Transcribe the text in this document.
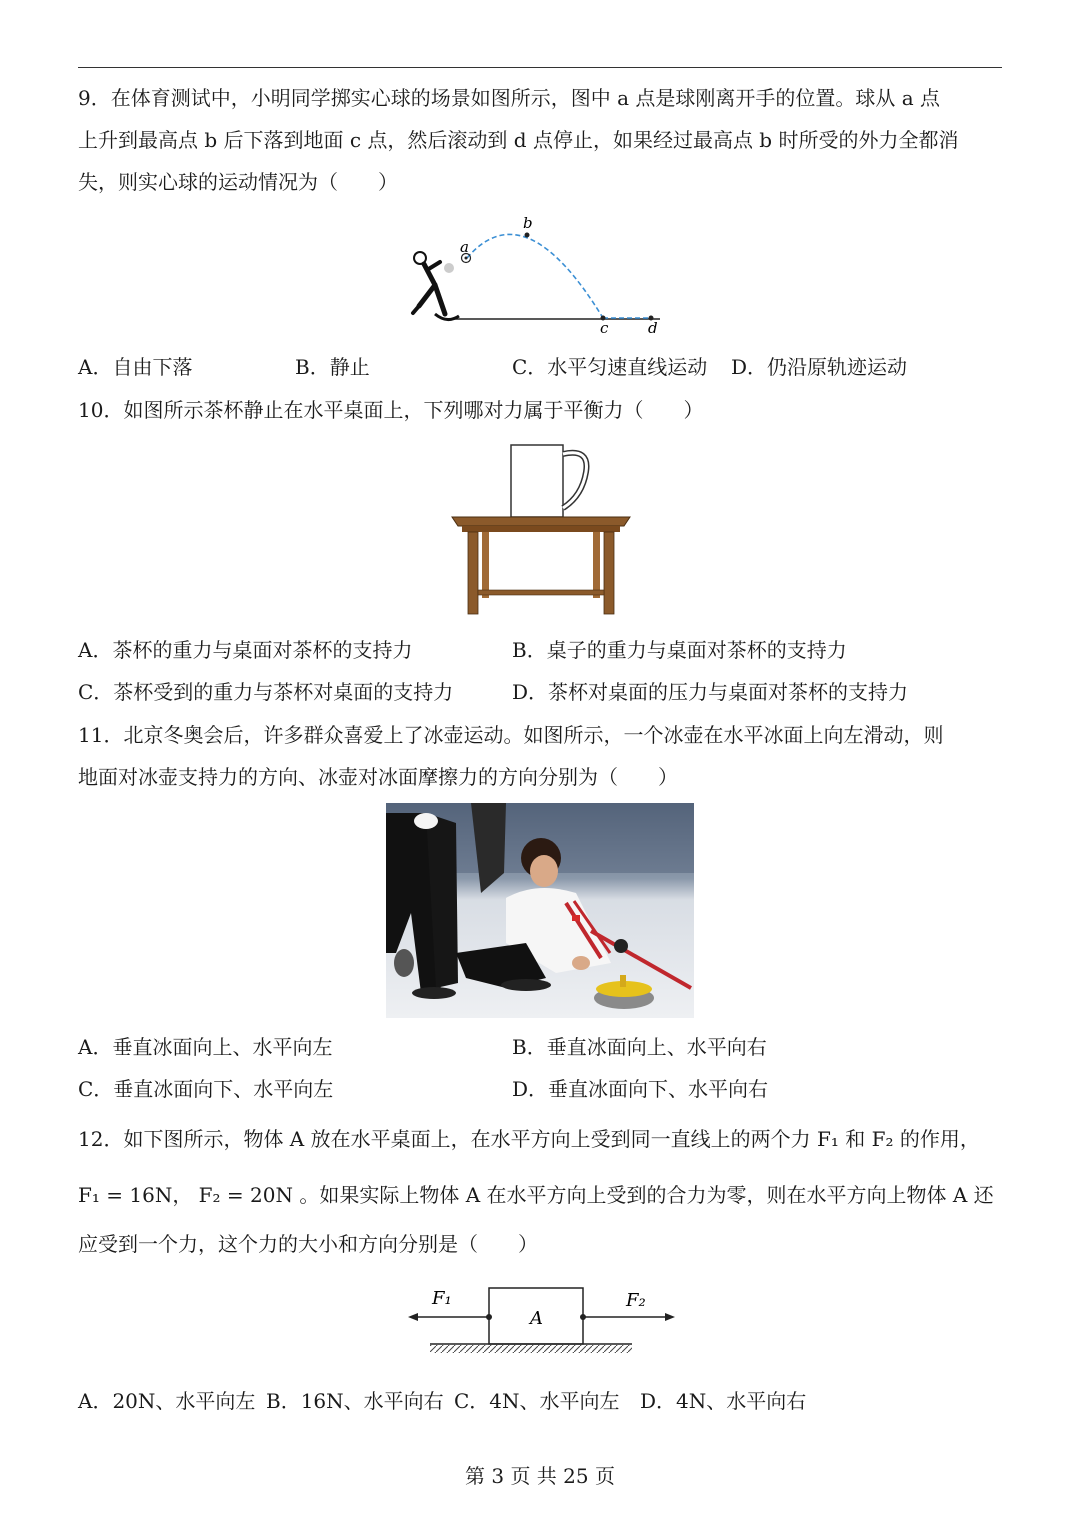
9．在体育测试中，小明同学掷实心球的场景如图所示，图中 a 点是球刚离开手的位置。球从 a 点
上升到最高点 b 后下落到地面 c 点，然后滚动到 d 点停止，如果经过最高点 b 时所受的外力全都消
失，则实心球的运动情况为（　　）
a
b
c	d
A．自由下落	B．静止	C．水平匀速直线运动 D．仍沿原轨迹运动
10．如图所示茶杯静止在水平桌面上，下列哪对力属于平衡力（　　）
A．茶杯的重力与桌面对茶杯的支持力	B．桌子的重力与桌面对茶杯的支持力
C．茶杯受到的重力与茶杯对桌面的支持力	D．茶杯对桌面的压力与桌面对茶杯的支持力
11．北京冬奥会后，许多群众喜爱上了冰壶运动。如图所示，一个冰壶在水平冰面上向左滑动，则
地面对冰壶支持力的方向、冰壶对冰面摩擦力的方向分别为（　　）
A．垂直冰面向上、水平向左	B．垂直冰面向上、水平向右
C．垂直冰面向下、水平向左	D．垂直冰面向下、水平向右
12．如下图所示，物体 A 放在水平桌面上，在水平方向上受到同一直线上的两个力 F₁ 和 F₂ 的作用，
F₁ = 16N， F₂ = 20N 。如果实际上物体 A 在水平方向上受到的合力为零，则在水平方向上物体 A 还
应受到一个力，这个力的大小和方向分别是（　　）
F₁	F₂
A
A．20N、水平向左 B．16N、水平向右 C．4N、水平向左 D．4N、水平向右
第 3 页 共 25 页
